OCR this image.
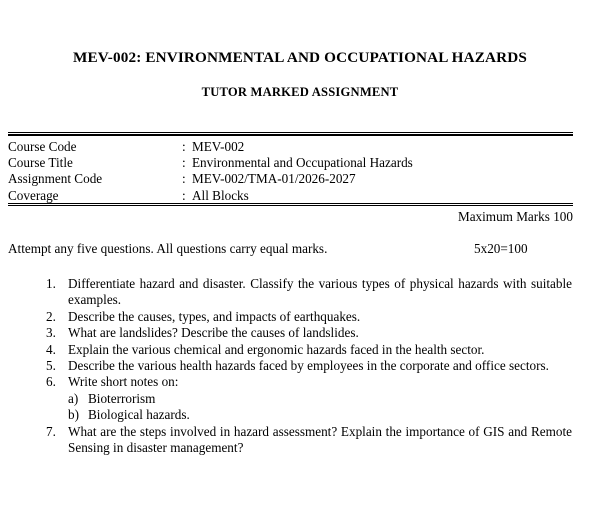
MEV-002: ENVIRONMENTAL AND OCCUPATIONAL HAZARDS
TUTOR MARKED ASSIGNMENT
Course Code	: MEV-002
Course Title	: Environmental and Occupational Hazards
Assignment Code	: MEV-002/TMA-01/2026-2027
Coverage	: All Blocks
Maximum Marks 100
Attempt any five questions. All questions carry equal marks.	5x20=100
1. Differentiate hazard and disaster. Classify the various types of physical hazards with suitable examples.
2. Describe the causes, types, and impacts of earthquakes.
3. What are landslides? Describe the causes of landslides.
4. Explain the various chemical and ergonomic hazards faced in the health sector.
5. Describe the various health hazards faced by employees in the corporate and office sectors.
6. Write short notes on:
a) Bioterrorism
b) Biological hazards.
7. What are the steps involved in hazard assessment? Explain the importance of GIS and Remote Sensing in disaster management?
